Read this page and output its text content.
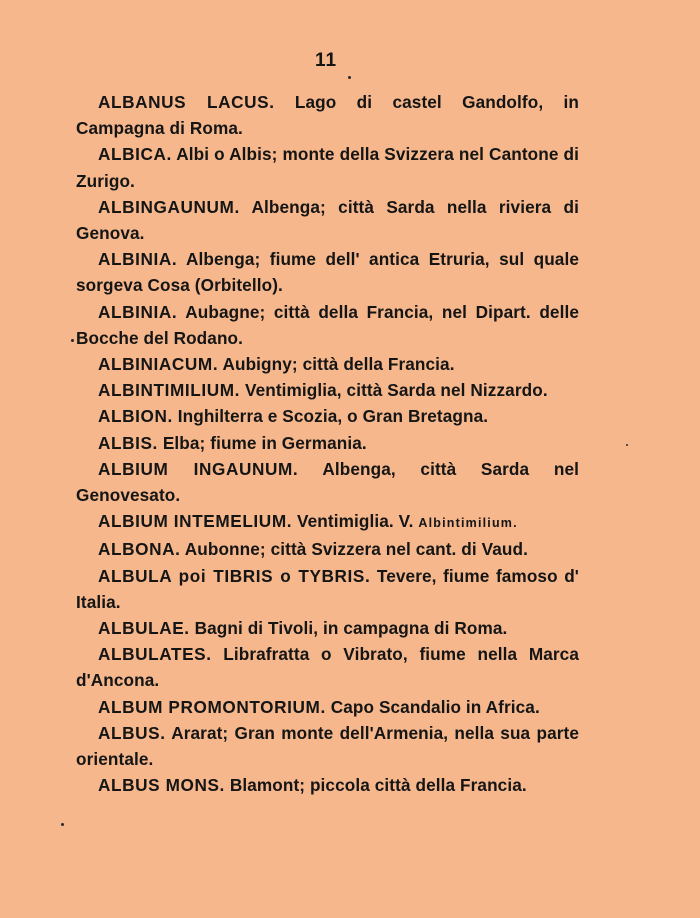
11

ALBANUS LACUS. Lago di castel Gandolfo, in Campagna di Roma.

ALBICA. Albi o Albis; monte della Svizzera nel Cantone di Zurigo.

ALBINGAUNUM. Albenga; città Sarda nella riviera di Genova.

ALBINIA. Albenga; fiume dell' antica Etruria, sul quale sorgeva Cosa (Orbitello).

ALBINIA. Aubagne; città della Francia, nel Dipart. delle Bocche del Rodano.

ALBINIACUM. Aubigny; città della Francia.

ALBINTIMILIUM. Ventimiglia, città Sarda nel Nizzardo.

ALBION. Inghilterra e Scozia, o Gran Bretagna.

ALBIS. Elba; fiume in Germania.

ALBIUM INGAUNUM. Albenga, città Sarda nel Genovesato.

ALBIUM INTEMELIUM. Ventimiglia. V. Albintimilium.

ALBONA. Aubonne; città Svizzera nel cant. di Vaud.

ALBULA poi TIBRIS o TYBRIS. Tevere, fiume famoso d' Italia.

ALBULAE. Bagni di Tivoli, in campagna di Roma.

ALBULATES. Librafratta o Vibrato, fiume nella Marca d'Ancona.

ALBUM PROMONTORIUM. Capo Scandalio in Africa.

ALBUS. Ararat; Gran monte dell'Armenia, nella sua parte orientale.

ALBUS MONS. Blamont; piccola città della Francia.
